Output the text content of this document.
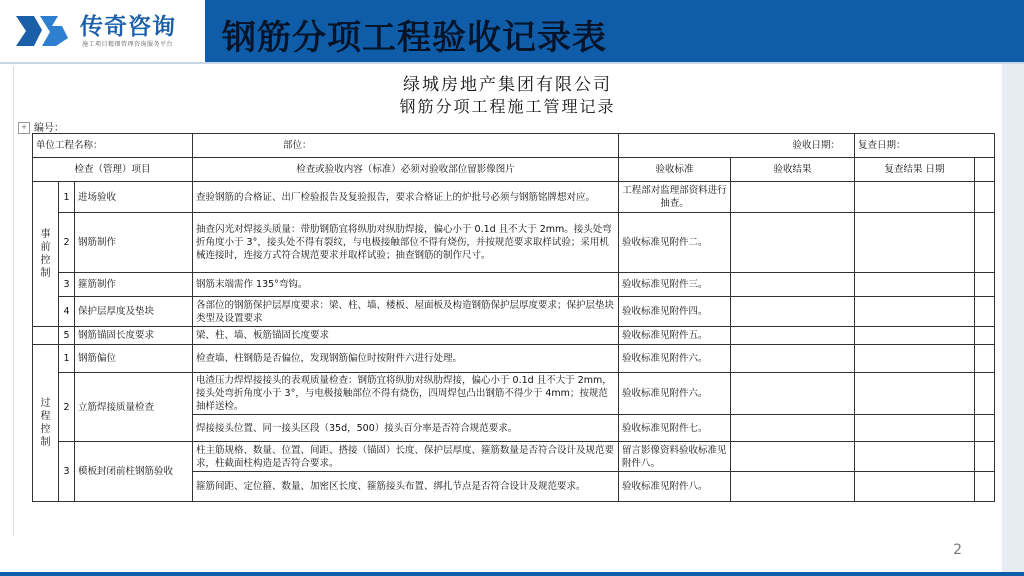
传奇咨询
施工项目精细管理咨询服务平台 钢筋分项工程验收记录表
绿城房地产集团有限公司
钢筋分项工程施工管理记录
+ 编号：
单位工程名称：			部位：	验收日期：		复查日期：	
检查（管理）项目			检查或验收内容（标准）必须对验收部位留影像图片	验收标准	验收结果	复查结果 日期	
事前控制	1	进场验收	查验钢筋的合格证、出厂检验报告及复验报告，要求合格证上的炉批号必须与钢筋铭牌想对应。	工程部对监理部资料进行抽查。			
	2	钢筋制作	抽查闪光对焊接头质量：带肋钢筋宜将纵肋对纵肋焊接，偏心小于 0.1d 且不大于 2mm。接头处弯折角度小于 3°，接头处不得有裂纹，与电极接触部位不得有烧伤，并按规范要求取样试验；采用机械连接时，连接方式符合规范要求并取样试验；抽查钢筋的制作尺寸。	验收标准见附件二。			
	3	箍筋制作	钢筋末端需作 135°弯钩。	验收标准见附件三。			
	4	保护层厚度及垫块	各部位的钢筋保护层厚度要求：梁、柱、墙、楼板、屋面板及构造钢筋保护层厚度要求；保护层垫块类型及设置要求	验收标准见附件四。			
	5	钢筋锚固长度要求	梁、柱、墙、板筋锚固长度要求	验收标准见附件五。			
过程控制	1	钢筋偏位	检查墙、柱钢筋是否偏位，发现钢筋偏位时按附件六进行处理。	验收标准见附件六。			
	2	立筋焊接质量检查	电渣压力焊焊接接头的表观质量检查：钢筋宜将纵肋对纵肋焊接，偏心小于 0.1d 且不大于 2mm，接头处弯折角度小于 3°，与电极接触部位不得有烧伤，四周焊包凸出钢筋不得少于 4mm；按规范抽样送检。	验收标准见附件六。			
			焊接接头位置、同一接头区段（35d，500）接头百分率是否符合规范要求。	验收标准见附件七。			
	3	模板封闭前柱钢筋验收	柱主筋规格、数量、位置、间距、搭接（锚固）长度、保护层厚度、箍筋数量是否符合设计及规范要求，柱截面柱构造是否符合要求。	留言影像资料验收标准见附件八。			
			箍筋间距、定位箍、数量、加密区长度、箍筋接头布置、绑扎节点是否符合设计及规范要求。	验收标准见附件八。			
2
